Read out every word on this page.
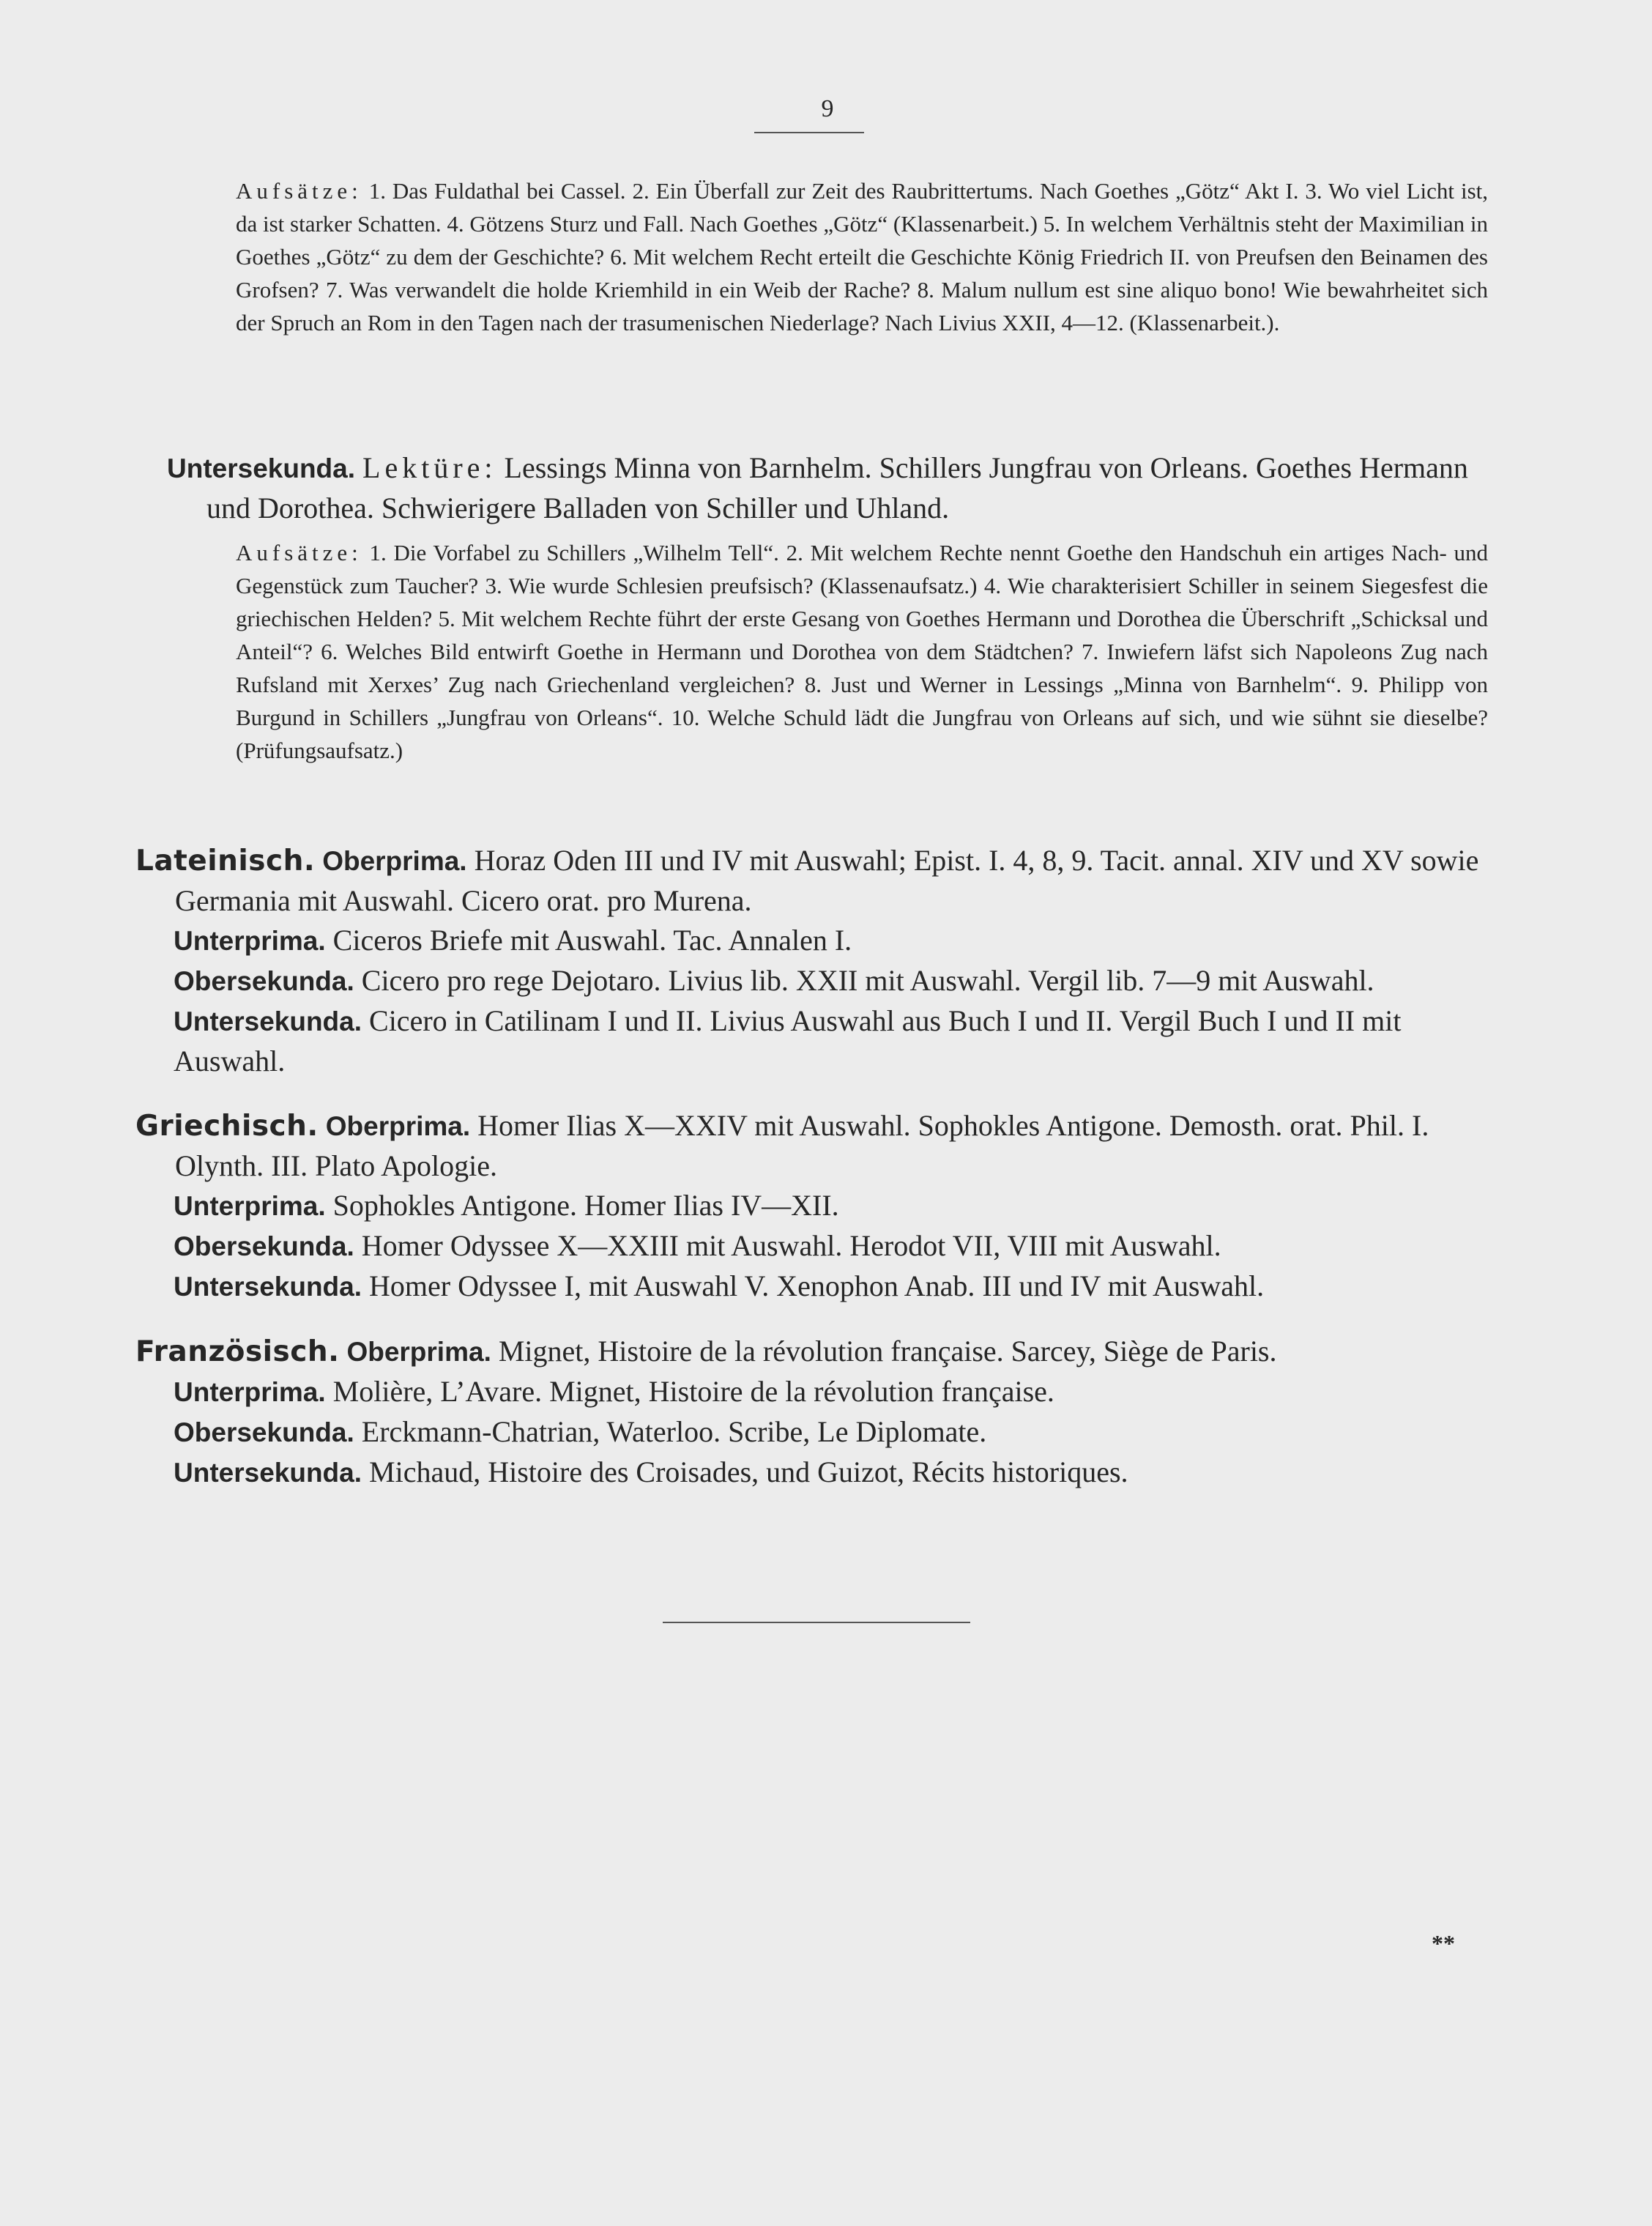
9

Aufsätze: 1. Das Fuldathal bei Cassel. 2. Ein Überfall zur Zeit des Raubrittertums. Nach Goethes „Götz“ Akt I. 3. Wo viel Licht ist, da ist starker Schatten. 4. Götzens Sturz und Fall. Nach Goethes „Götz“ (Klassenarbeit.) 5. In welchem Verhältnis steht der Maximilian in Goethes „Götz“ zu dem der Geschichte? 6. Mit welchem Recht erteilt die Geschichte König Friedrich II. von Preufsen den Beinamen des Grofsen? 7. Was verwandelt die holde Kriemhild in ein Weib der Rache? 8. Malum nullum est sine aliquo bono! Wie bewahrheitet sich der Spruch an Rom in den Tagen nach der trasumenischen Niederlage? Nach Livius XXII, 4—12. (Klassenarbeit.).

Untersekunda. Lektüre: Lessings Minna von Barnhelm. Schillers Jungfrau von Orleans. Goethes Hermann und Dorothea. Schwierigere Balladen von Schiller und Uhland.

Aufsätze: 1. Die Vorfabel zu Schillers „Wilhelm Tell“. 2. Mit welchem Rechte nennt Goethe den Handschuh ein artiges Nach- und Gegenstück zum Taucher? 3. Wie wurde Schlesien preufsisch? (Klassenaufsatz.) 4. Wie charakterisiert Schiller in seinem Siegesfest die griechischen Helden? 5. Mit welchem Rechte führt der erste Gesang von Goethes Hermann und Dorothea die Überschrift „Schicksal und Anteil“? 6. Welches Bild entwirft Goethe in Hermann und Dorothea von dem Städtchen? 7. Inwiefern läfst sich Napoleons Zug nach Rufsland mit Xerxes’ Zug nach Griechenland vergleichen? 8. Just und Werner in Lessings „Minna von Barnhelm“. 9. Philipp von Burgund in Schillers „Jungfrau von Orleans“. 10. Welche Schuld lädt die Jungfrau von Orleans auf sich, und wie sühnt sie dieselbe? (Prüfungsaufsatz.)

Lateinisch. Oberprima. Horaz Oden III und IV mit Auswahl; Epist. I. 4, 8, 9. Tacit. annal. XIV und XV sowie Germania mit Auswahl. Cicero orat. pro Murena.

Unterprima. Ciceros Briefe mit Auswahl. Tac. Annalen I.

Obersekunda. Cicero pro rege Dejotaro. Livius lib. XXII mit Auswahl. Vergil lib. 7—9 mit Auswahl.

Untersekunda. Cicero in Catilinam I und II. Livius Auswahl aus Buch I und II. Vergil Buch I und II mit Auswahl.

Griechisch. Oberprima. Homer Ilias X—XXIV mit Auswahl. Sophokles Antigone. Demosth. orat. Phil. I. Olynth. III. Plato Apologie.

Unterprima. Sophokles Antigone. Homer Ilias IV—XII.

Obersekunda. Homer Odyssee X—XXIII mit Auswahl. Herodot VII, VIII mit Auswahl.

Untersekunda. Homer Odyssee I, mit Auswahl V. Xenophon Anab. III und IV mit Auswahl.

Französisch. Oberprima. Mignet, Histoire de la révolution française. Sarcey, Siège de Paris.

Unterprima. Molière, L’Avare. Mignet, Histoire de la révolution française.

Obersekunda. Erckmann-Chatrian, Waterloo. Scribe, Le Diplomate.

Untersekunda. Michaud, Histoire des Croisades, und Guizot, Récits historiques.

**
